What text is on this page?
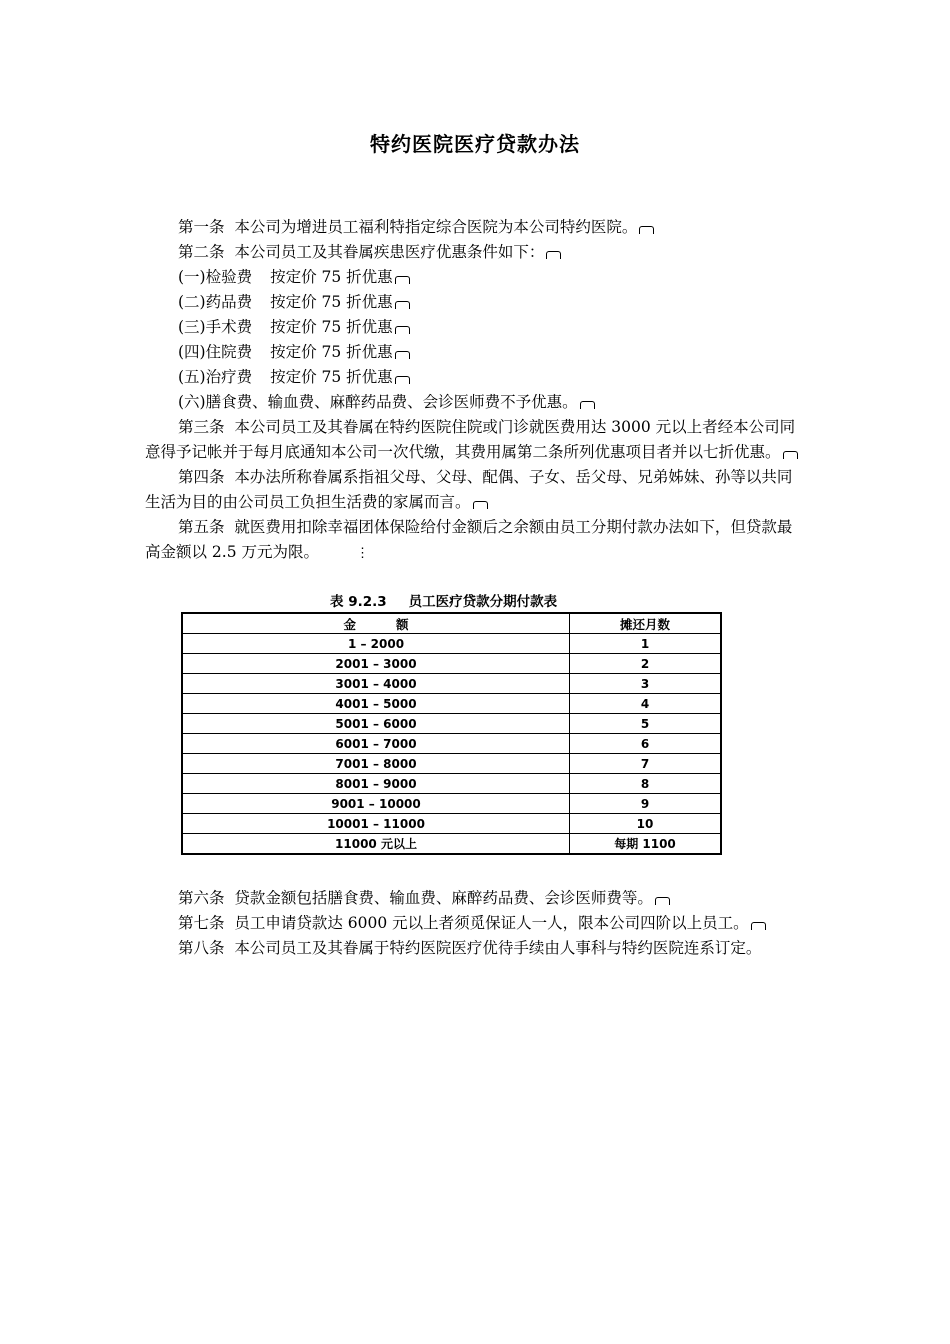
特约医院医疗贷款办法

第一条 本公司为增进员工福利特指定综合医院为本公司特约医院。

第二条 本公司员工及其眷属疾患医疗优惠条件如下：

(一)检验费 按定价 75 折优惠

(二)药品费 按定价 75 折优惠

(三)手术费 按定价 75 折优惠

(四)住院费 按定价 75 折优惠

(五)治疗费 按定价 75 折优惠

(六)膳食费、输血费、麻醉药品费、会诊医师费不予优惠。

第三条 本公司员工及其眷属在特约医院住院或门诊就医费用达 3000 元以上者经本公司同意得予记帐并于每月底通知本公司一次代缴，其费用属第二条所列优惠项目者并以七折优惠。

第四条 本办法所称眷属系指祖父母、父母、配偶、子女、岳父母、兄弟姊妹、孙等以共同生活为目的由公司员工负担生活费的家属而言。

第五条 就医费用扣除幸福团体保险给付金额后之余额由员工分期付款办法如下，但贷款最高金额以 2.5 万元为限。	⋮

表 9.2.3 员工医疗贷款分期付款表
金 额	摊还月数
1 – 2000	1
2001 – 3000	2
3001 – 4000	3
4001 – 5000	4
5001 – 6000	5
6001 – 7000	6
7001 – 8000	7
8001 – 9000	8
9001 – 10000	9
10001 – 11000	10
11000 元以上	每期 1100

第六条 贷款金额包括膳食费、输血费、麻醉药品费、会诊医师费等。

第七条 员工申请贷款达 6000 元以上者须觅保证人一人，限本公司四阶以上员工。

第八条 本公司员工及其眷属于特约医院医疗优待手续由人事科与特约医院连系订定。
